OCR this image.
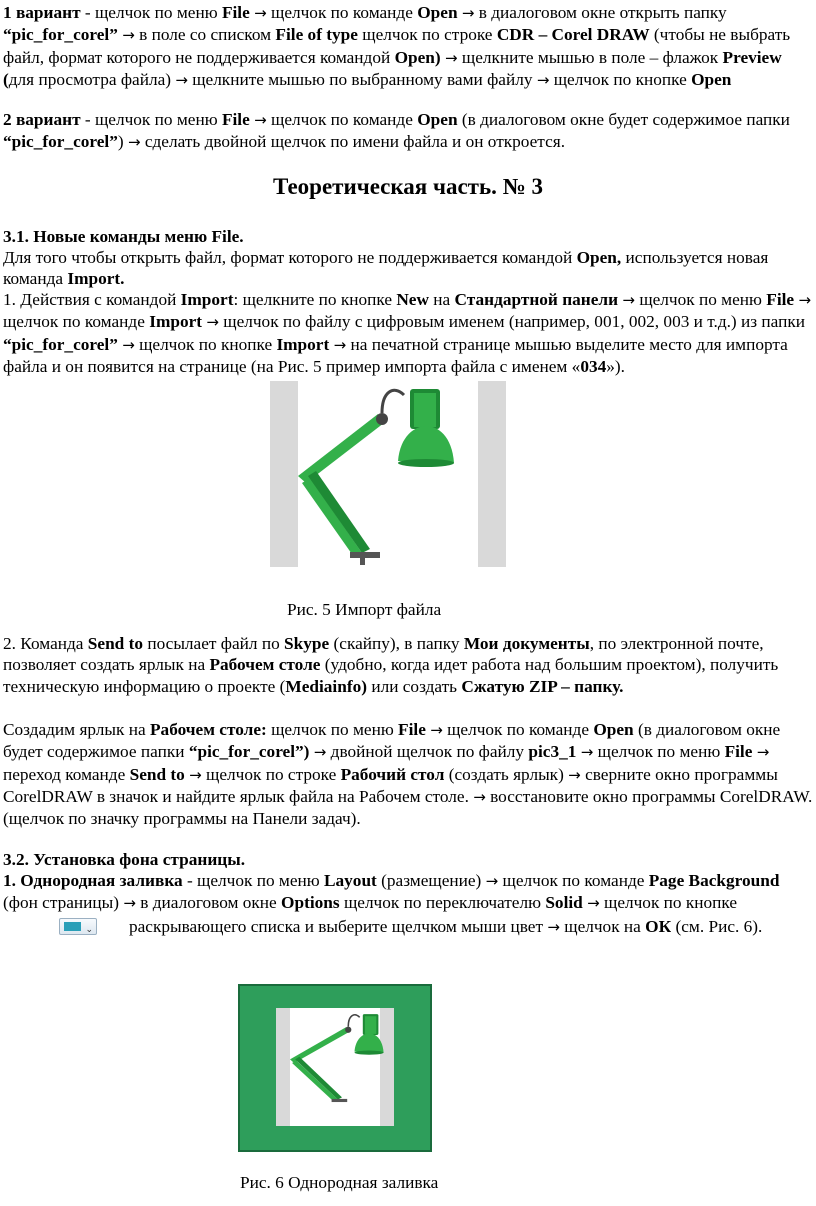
1 вариант - щелчок по меню File → щелчок по команде Open → в диалоговом окне открыть папку “pic_for_corel” → в поле со списком File of type щелчок по строке CDR – Corel DRAW (чтобы не выбрать файл, формат которого не поддерживается командой Open) → щелкните мышью в поле – флажок Preview (для просмотра файла) → щелкните мышью по выбранному вами файлу → щелчок по кнопке Open

2 вариант - щелчок по меню File → щелчок по команде Open (в диалоговом окне будет содержимое папки “pic_for_corel”) → сделать двойной щелчок по имени файла и он откроется.

Теоретическая часть. № 3

3.1. Новые команды меню File.

Для того чтобы открыть файл, формат которого не поддерживается командой Open, используется новая команда Import.

1. Действия с командой Import: щелкните по кнопке New на Стандартной панели → щелчок по меню File → щелчок по команде Import → щелчок по файлу с цифровым именем (например, 001, 002, 003 и т.д.) из папки “pic_for_corel” → щелчок по кнопке Import → на печатной странице мышью выделите место для импорта файла и он появится на странице (на Рис. 5 пример импорта файла с именем «034»).

Рис. 5 Импорт файла

2. Команда Send to посылает файл по Skype (скайпу), в папку Мои документы, по электронной почте, позволяет создать ярлык на Рабочем столе (удобно, когда идет работа над большим проектом), получить техническую информацию о проекте (Mediainfo) или создать Сжатую ZIP – папку.

Создадим ярлык на Рабочем столе: щелчок по меню File → щелчок по команде Open (в диалоговом окне будет содержимое папки “pic_for_corel”) → двойной щелчок по файлу pic3_1 → щелчок по меню File → переход команде Send to → щелчок по строке Рабочий стол (создать ярлык) → сверните окно программы CorelDRAW в значок и найдите ярлык файла на Рабочем столе. → восстановите окно программы CorelDRAW. (щелчок по значку программы на Панели задач).

3.2. Установка фона страницы.

1. Однородная заливка - щелчок по меню Layout (размещение) → щелчок по команде Page Background (фон страницы) → в диалоговом окне Options щелчок по переключателю Solid → щелчок по кнопке
⌄ раскрывающего списка и выберите щелчком мыши цвет → щелчок на ОК (см. Рис. 6).

Рис. 6 Однородная заливка
